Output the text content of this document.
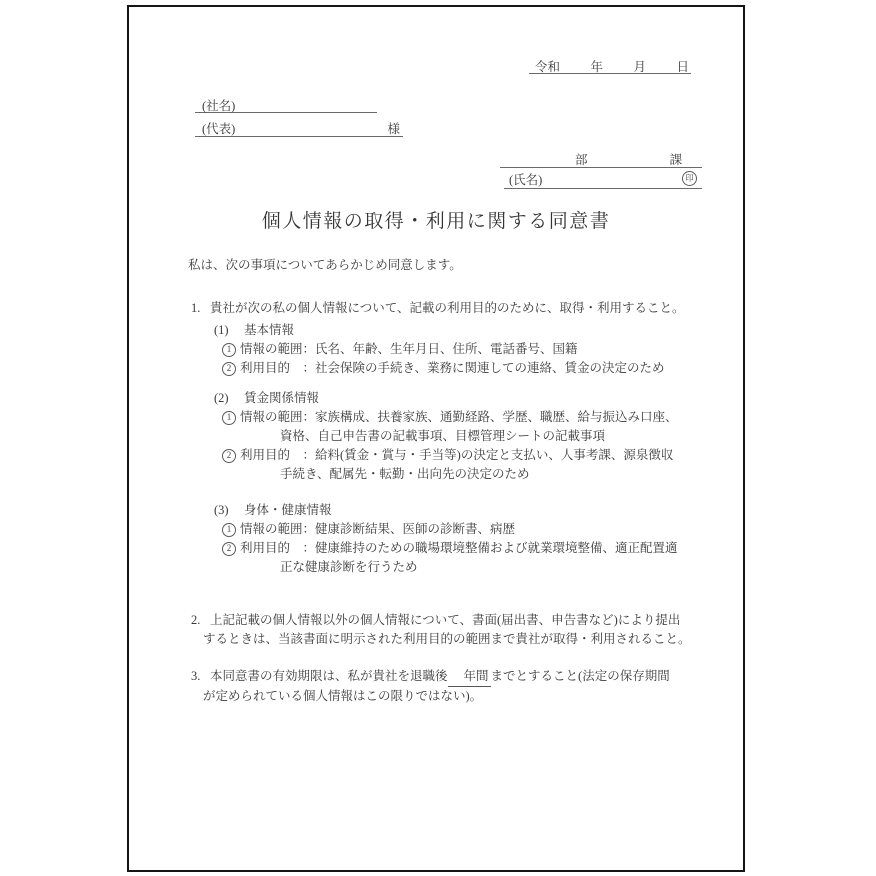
令和 年 月 日
(社名)
(代表)	様
部	課
(氏名)	印
個人情報の取得・利用に関する同意書
私は、次の事項についてあらかじめ同意します。
1. 貴社が次の私の個人情報について、記載の利用目的のために、取得・利用すること。
(1) 基本情報
1 情報の範囲：氏名、年齢、生年月日、住所、電話番号、国籍
2 利用目的　：社会保険の手続き、業務に関連しての連絡、賃金の決定のため
(2) 賃金関係情報
1 情報の範囲：家族構成、扶養家族、通勤経路、学歴、職歴、給与振込み口座、
資格、自己申告書の記載事項、目標管理シートの記載事項
2 利用目的　：給料(賃金・賞与・手当等)の決定と支払い、人事考課、源泉徴収
手続き、配属先・転勤・出向先の決定のため
(3) 身体・健康情報
1 情報の範囲：健康診断結果、医師の診断書、病歴
2 利用目的　：健康維持のための職場環境整備および就業環境整備、適正配置適
正な健康診断を行うため
2. 上記記載の個人情報以外の個人情報について、書面(届出書、申告書など)により提出
するときは、当該書面に明示された利用目的の範囲まで貴社が取得・利用されること。
3. 本同意書の有効期限は、私が貴社を退職後 年間 までとすること(法定の保存期間
が定められている個人情報はこの限りではない)。
